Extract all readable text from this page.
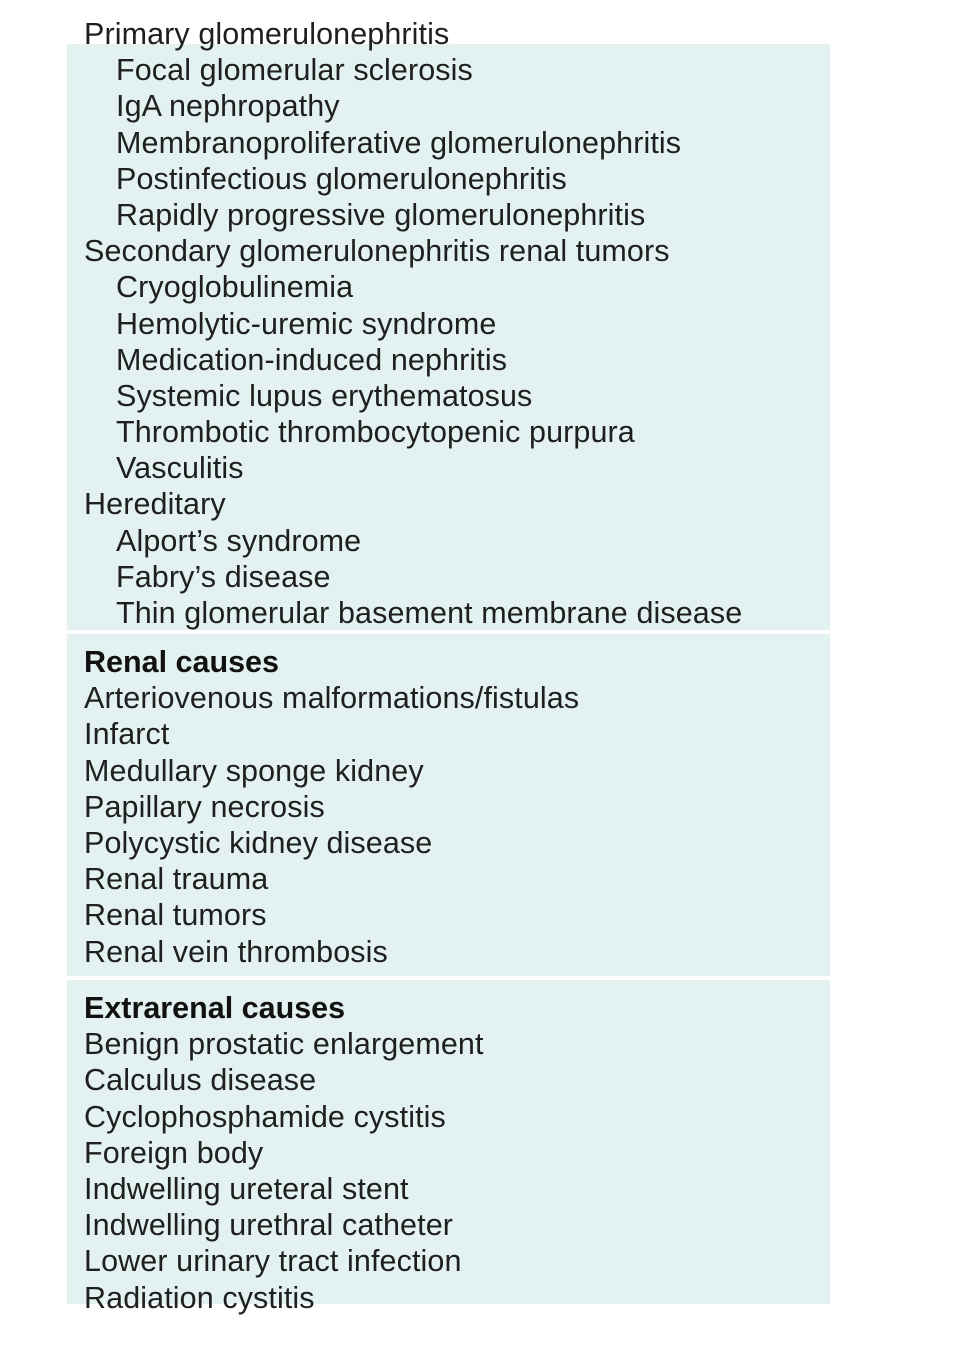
Primary glomerulonephritis
Focal glomerular sclerosis
IgA nephropathy
Membranoproliferative glomerulonephritis
Postinfectious glomerulonephritis
Rapidly progressive glomerulonephritis
Secondary glomerulonephritis renal tumors
Cryoglobulinemia
Hemolytic-uremic syndrome
Medication-induced nephritis
Systemic lupus erythematosus
Thrombotic thrombocytopenic purpura
Vasculitis
Hereditary
Alport’s syndrome
Fabry’s disease
Thin glomerular basement membrane disease
Renal causes
Arteriovenous malformations/fistulas
Infarct
Medullary sponge kidney
Papillary necrosis
Polycystic kidney disease
Renal trauma
Renal tumors
Renal vein thrombosis
Extrarenal causes
Benign prostatic enlargement
Calculus disease
Cyclophosphamide cystitis
Foreign body
Indwelling ureteral stent
Indwelling urethral catheter
Lower urinary tract infection
Radiation cystitis
